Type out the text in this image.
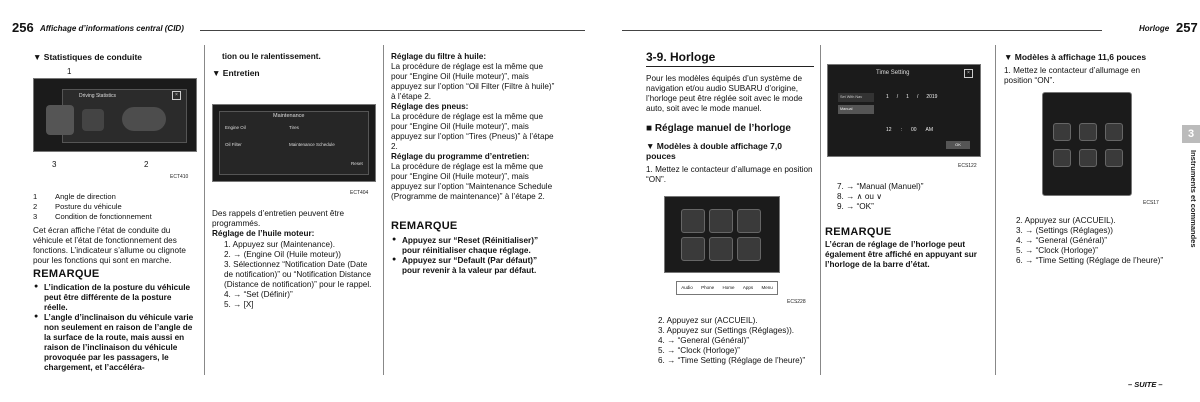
256 Affichage d’informations central (CID)
▼ Statistiques de conduite
1
Driving Statistics	×
3	2
ECT410
1 Angle de direction
2 Posture du véhicule
3 Condition de fonctionnement

Cet écran affiche l’état de conduite du véhicule et l’état de fonctionnement des fonctions. L’indicateur s’allume ou clignote pour les fonctions qui sont en marche.

REMARQUE
● L’indication de la posture du véhicule peut être différente de la posture réelle.
● L’angle d’inclinaison du véhicule varie non seulement en raison de l’angle de la surface de la route, mais aussi en raison de l’inclinaison du véhicule provoquée par les passagers, le chargement, et l’accéléra-
tion ou le ralentissement.
▼ Entretien
Maintenance
Engine Oil	Tires
Oil Filter	Maintenance Schedule
Reset
ECT404

Des rappels d’entretien peuvent être programmés.

Réglage de l’huile moteur:
1. Appuyez sur (Maintenance).
2. → (Engine Oil (Huile moteur))
3. Sélectionnez “Notification Date (Date de notification)” ou “Notification Distance (Distance de notification)” pour le rappel.
4. → “Set (Définir)”
5. → [X]
Réglage du filtre à huile:

La procédure de réglage est la même que pour “Engine Oil (Huile moteur)”, mais appuyez sur l’option “Oil Filter (Filtre à huile)” à l’étape 2.

Réglage des pneus:

La procédure de réglage est la même que pour “Engine Oil (Huile moteur)”, mais appuyez sur l’option “Tires (Pneus)” à l’étape 2.

Réglage du programme d’entretien:

La procédure de réglage est la même que pour “Engine Oil (Huile moteur)”, mais appuyez sur l’option “Maintenance Schedule (Programme de maintenance)” à l’étape 2.

REMARQUE
● Appuyez sur “Reset (Réinitialiser)” pour réinitialiser chaque réglage.
● Appuyez sur “Default (Par défaut)” pour revenir à la valeur par défaut.
Horloge 257
3
Instruments et commandes
3-9. Horloge

Pour les modèles équipés d’un système de navigation et/ou audio SUBARU d’origine, l’horloge peut être réglée soit avec le mode auto, soit avec le mode manuel.

■ Réglage manuel de l’horloge
▼ Modèles à double affichage 7,0 pouces

1. Mettez le contacteur d’allumage en position “ON”.

Audio Phone Home Apps Menu
ECS228
2. Appuyez sur (ACCUEIL).
3. Appuyez sur (Settings (Réglages)).
4. → “General (Général)”
5. → “Clock (Horloge)”
6. → “Time Setting (Réglage de l’heure)”
Time Setting	×
Set With Nav
Manual
1 / 1 / 2019
12 : 00 AM
OK
ECS122
7. → “Manual (Manuel)”
8. → ∧ ou ∨
9. → “OK”
REMARQUE

L’écran de réglage de l’horloge peut également être affiché en appuyant sur l’horloge de la barre d’état.

▼ Modèles à affichage 11,6 pouces

1. Mettez le contacteur d’allumage en position “ON”.

ECS17
2. Appuyez sur (ACCUEIL).
3. → (Settings (Réglages))
4. → “General (Général)”
5. → “Clock (Horloge)”
6. → “Time Setting (Réglage de l’heure)”
– SUITE –
